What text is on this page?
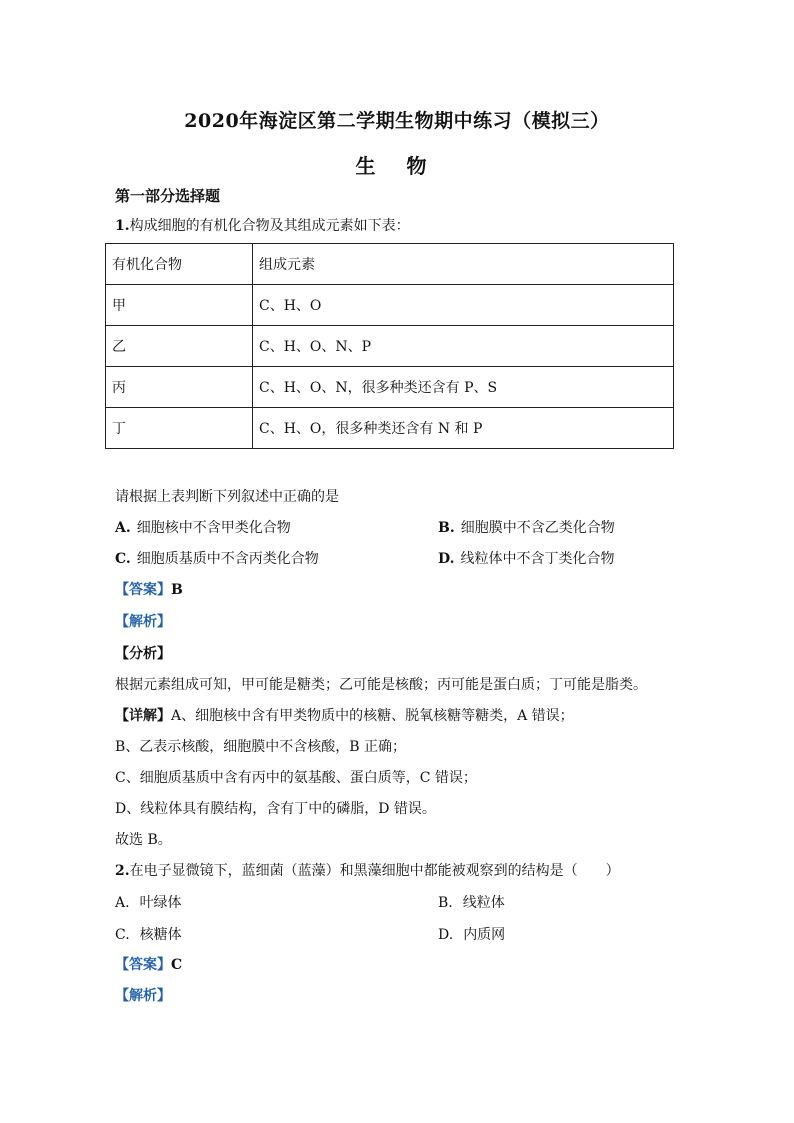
2020年海淀区第二学期生物期中练习（模拟三）
生 物
第一部分选择题
1.构成细胞的有机化合物及其组成元素如下表：
有机化合物	组成元素
甲	C、H、O
乙	C、H、O、N、P
丙	C、H、O、N，很多种类还含有 P、S
丁	C、H、O，很多种类还含有 N 和 P
请根据上表判断下列叙述中正确的是
A. 细胞核中不含甲类化合物	B. 细胞膜中不含乙类化合物
C. 细胞质基质中不含丙类化合物	D. 线粒体中不含丁类化合物
【答案】B
【解析】
【分析】
根据元素组成可知，甲可能是糖类；乙可能是核酸；丙可能是蛋白质；丁可能是脂类。
【详解】A、细胞核中含有甲类物质中的核糖、脱氧核糖等糖类，A 错误；
B、乙表示核酸，细胞膜中不含核酸，B 正确；
C、细胞质基质中含有丙中的氨基酸、蛋白质等，C 错误；
D、线粒体具有膜结构，含有丁中的磷脂，D 错误。
故选 B。
2.在电子显微镜下，蓝细菌（蓝藻）和黑藻细胞中都能被观察到的结构是（　　）
A. 叶绿体	B. 线粒体
C. 核糖体	D. 内质网
【答案】C
【解析】
